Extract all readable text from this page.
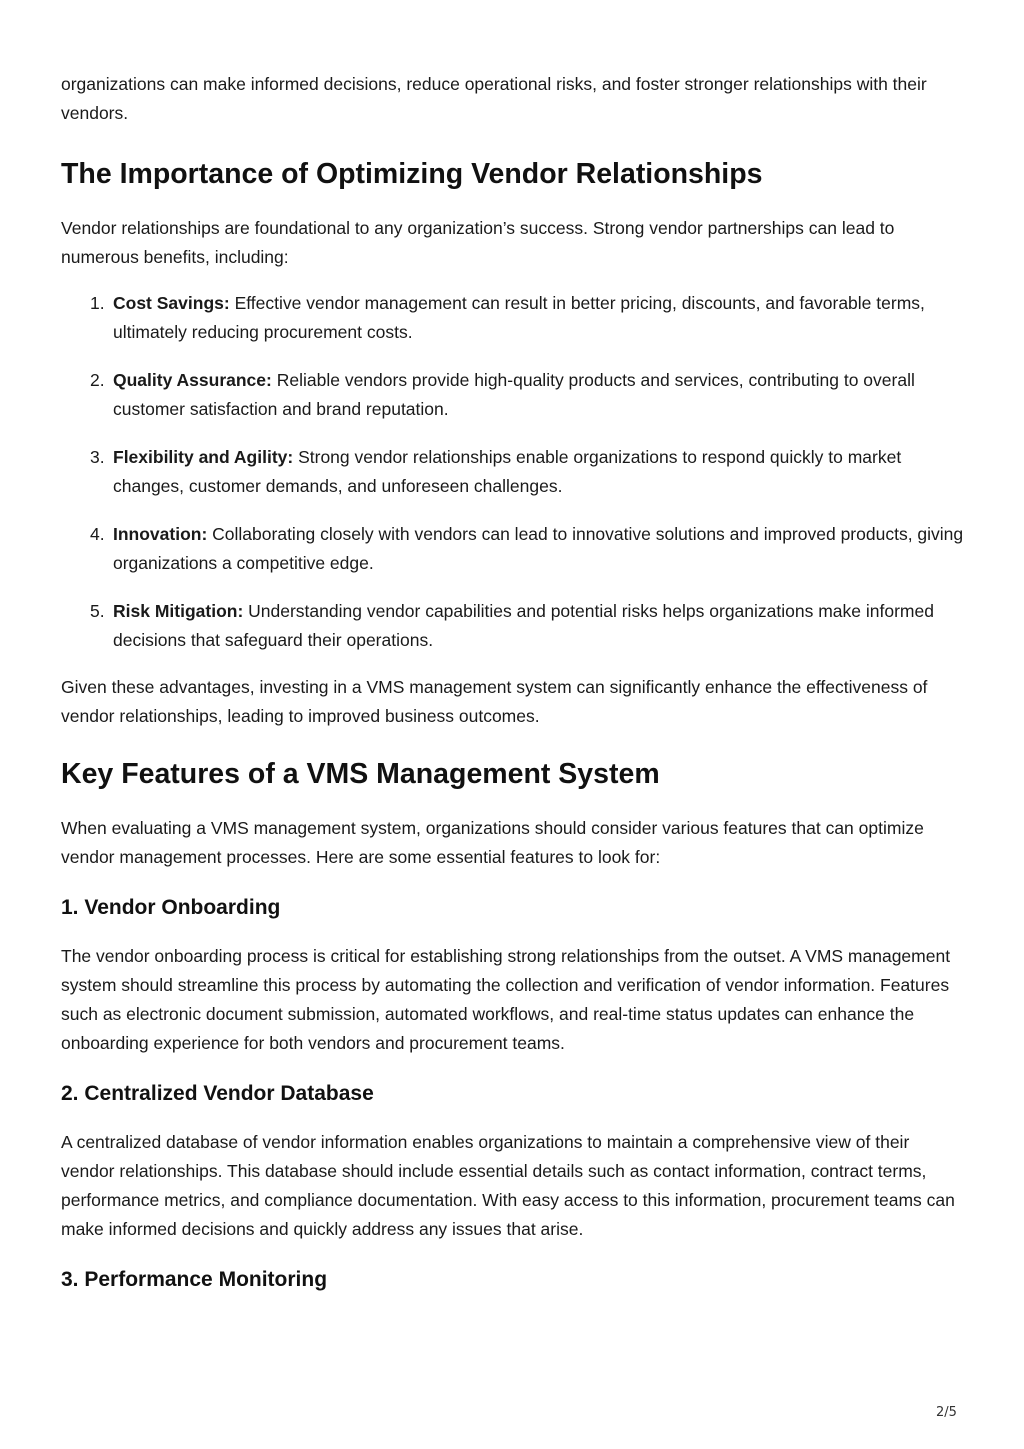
organizations can make informed decisions, reduce operational risks, and foster stronger relationships with their vendors.

The Importance of Optimizing Vendor Relationships

Vendor relationships are foundational to any organization’s success. Strong vendor partnerships can lead to numerous benefits, including:

1. Cost Savings: Effective vendor management can result in better pricing, discounts, and favorable terms, ultimately reducing procurement costs.
2. Quality Assurance: Reliable vendors provide high-quality products and services, contributing to overall customer satisfaction and brand reputation.
3. Flexibility and Agility: Strong vendor relationships enable organizations to respond quickly to market changes, customer demands, and unforeseen challenges.
4. Innovation: Collaborating closely with vendors can lead to innovative solutions and improved products, giving organizations a competitive edge.
5. Risk Mitigation: Understanding vendor capabilities and potential risks helps organizations make informed decisions that safeguard their operations.

Given these advantages, investing in a VMS management system can significantly enhance the effectiveness of vendor relationships, leading to improved business outcomes.

Key Features of a VMS Management System

When evaluating a VMS management system, organizations should consider various features that can optimize vendor management processes. Here are some essential features to look for:

1. Vendor Onboarding

The vendor onboarding process is critical for establishing strong relationships from the outset. A VMS management system should streamline this process by automating the collection and verification of vendor information. Features such as electronic document submission, automated workflows, and real-time status updates can enhance the onboarding experience for both vendors and procurement teams.

2. Centralized Vendor Database

A centralized database of vendor information enables organizations to maintain a comprehensive view of their vendor relationships. This database should include essential details such as contact information, contract terms, performance metrics, and compliance documentation. With easy access to this information, procurement teams can make informed decisions and quickly address any issues that arise.

3. Performance Monitoring
2/5
